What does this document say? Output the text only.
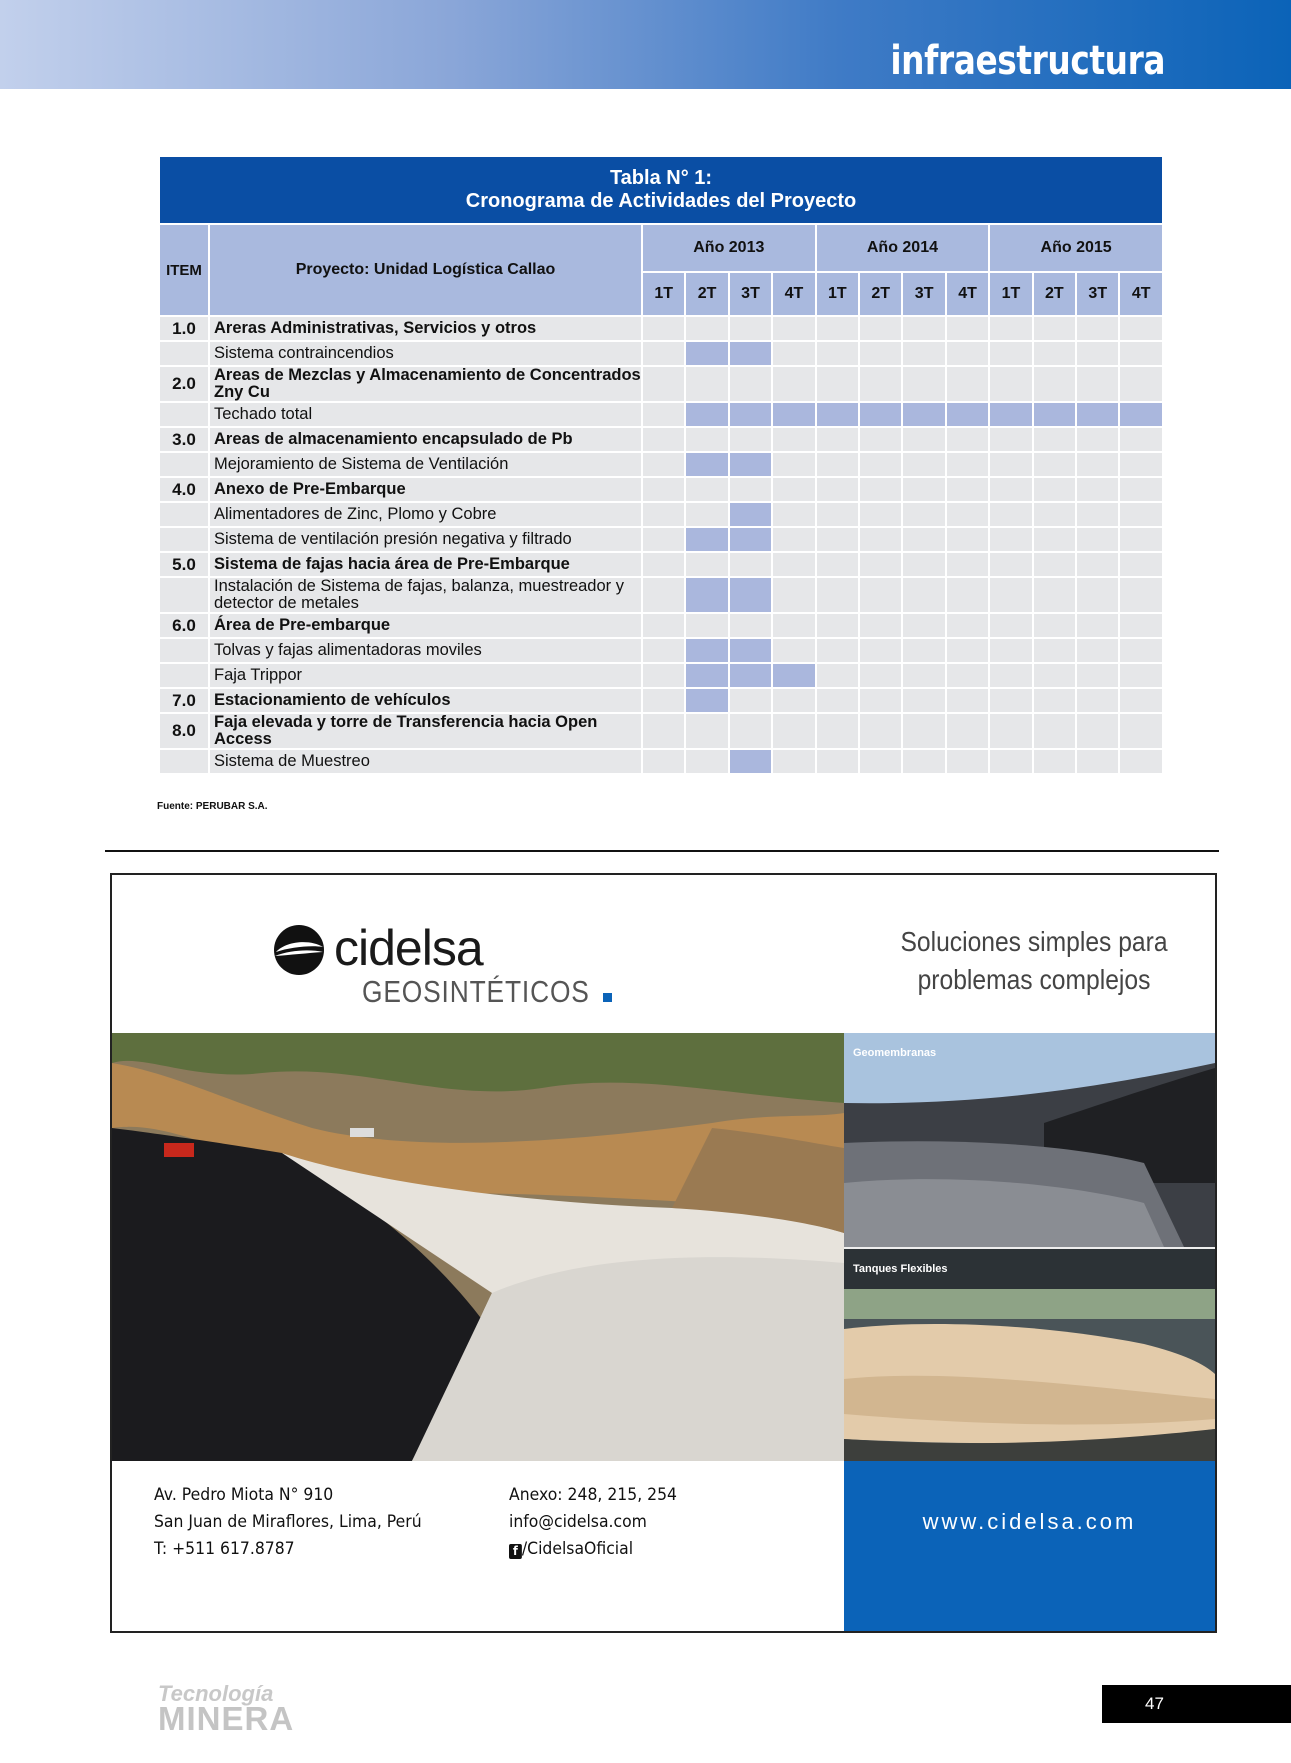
infraestructura
Tabla N° 1:
Cronograma de Actividades del Proyecto													

ITEM	Proyecto: Unidad Logística Callao	Año 2013				Año 2014				Año 2015			
		1T	2T	3T	4T	1T	2T	3T	4T	1T	2T	3T	4T
1.0	Areras Administrativas, Servicios y otros												
	Sistema contraincendios												
2.0	Areas de Mezclas y Almacenamiento de Concentrados Zny Cu												
	Techado total												
3.0	Areas de almacenamiento encapsulado de Pb												
	Mejoramiento de Sistema de Ventilación												
4.0	Anexo de Pre-Embarque												
	Alimentadores de Zinc, Plomo y Cobre												
	Sistema de ventilación presión negativa y filtrado												
5.0	Sistema de fajas hacia área de Pre-Embarque												
	Instalación de Sistema de fajas, balanza, muestreador y detector de metales												
6.0	Área de Pre-embarque												
	Tolvas y fajas alimentadoras moviles												
	Faja Trippor												
7.0	Estacionamiento de vehículos												
8.0	Faja elevada y torre de Transferencia hacia Open Access												
	Sistema de Muestreo												
Fuente: PERUBAR S.A.
cidelsa
GEOSINTÉTICOS
Soluciones simples para
problemas complejos
Geomembranas
Tanques Flexibles
Av. Pedro Miota N° 910
San Juan de Miraflores, Lima, Perú
T: +511 617.8787
Anexo: 248, 215, 254
info@cidelsa.com
f /CidelsaOficial
www.cidelsa.com
Tecnología
MINERA	47
